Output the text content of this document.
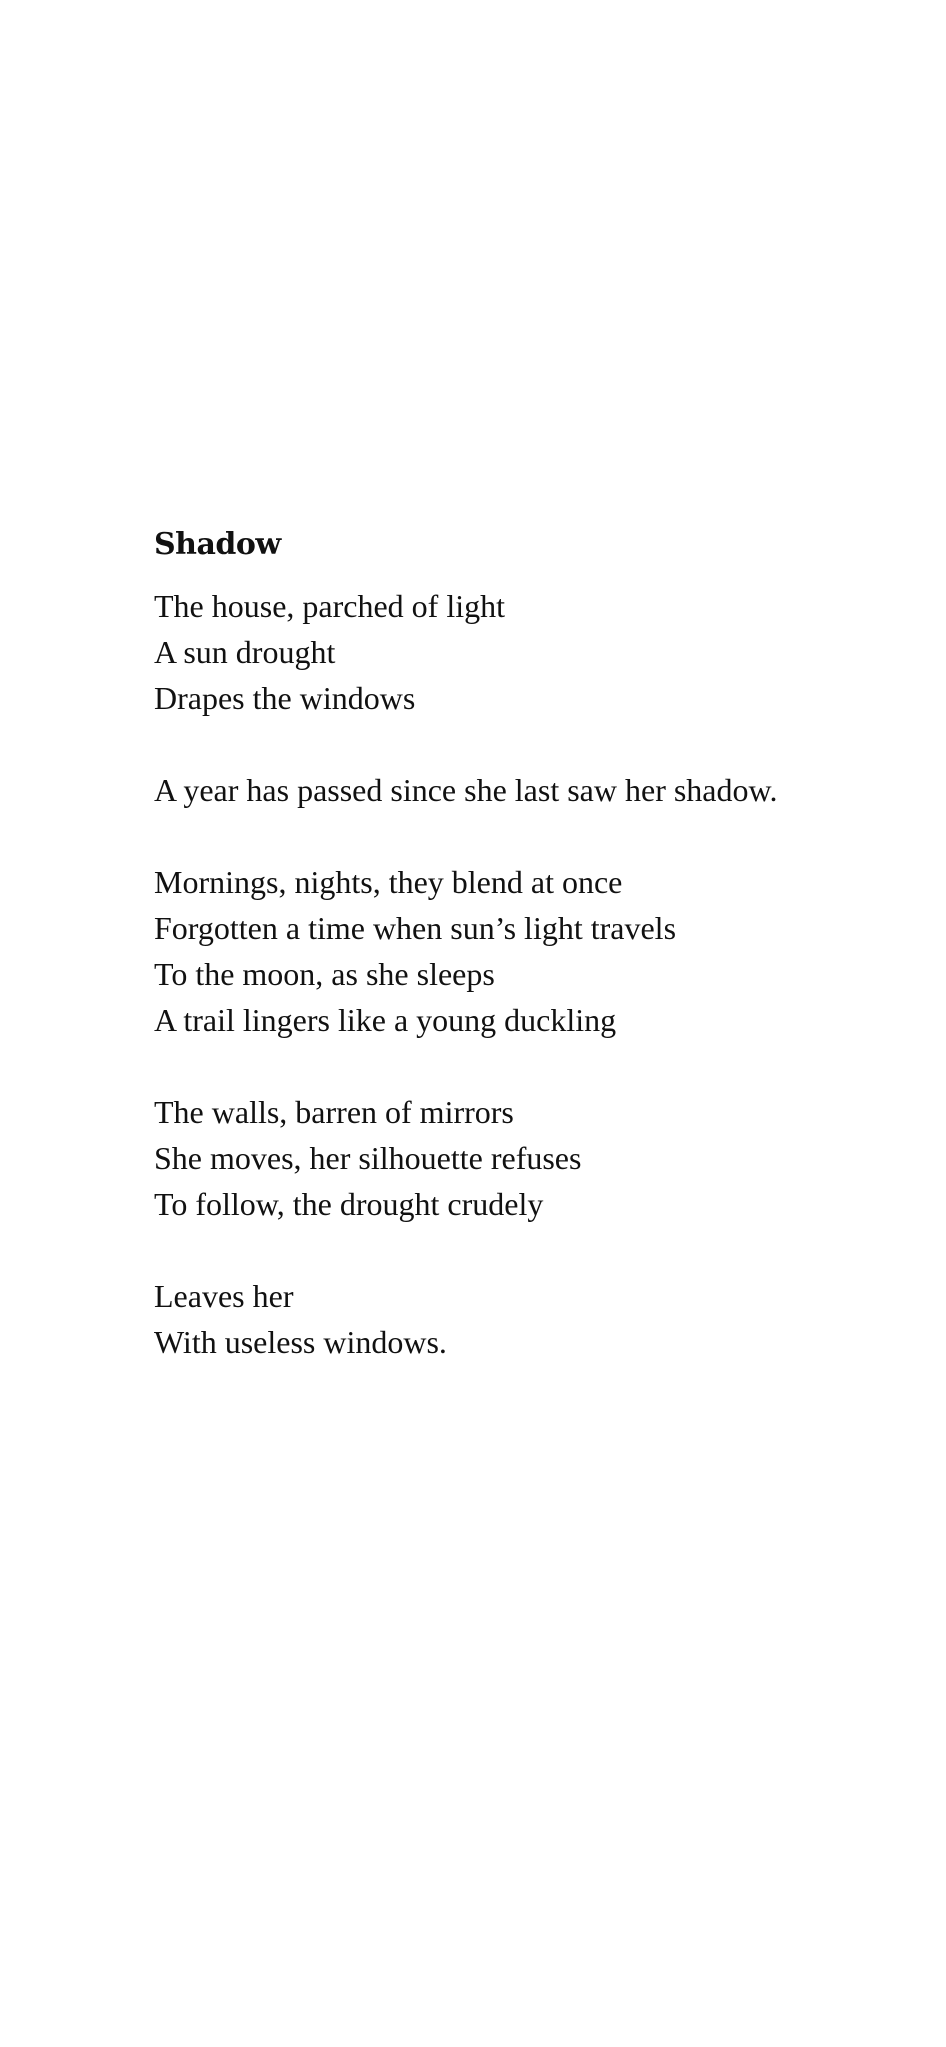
Shadow
The house, parched of light
A sun drought
Drapes the windows
A year has passed since she last saw her shadow.
Mornings, nights, they blend at once
Forgotten a time when sun’s light travels
To the moon, as she sleeps
A trail lingers like a young duckling
The walls, barren of mirrors
She moves, her silhouette refuses
To follow, the drought crudely
Leaves her
With useless windows.
